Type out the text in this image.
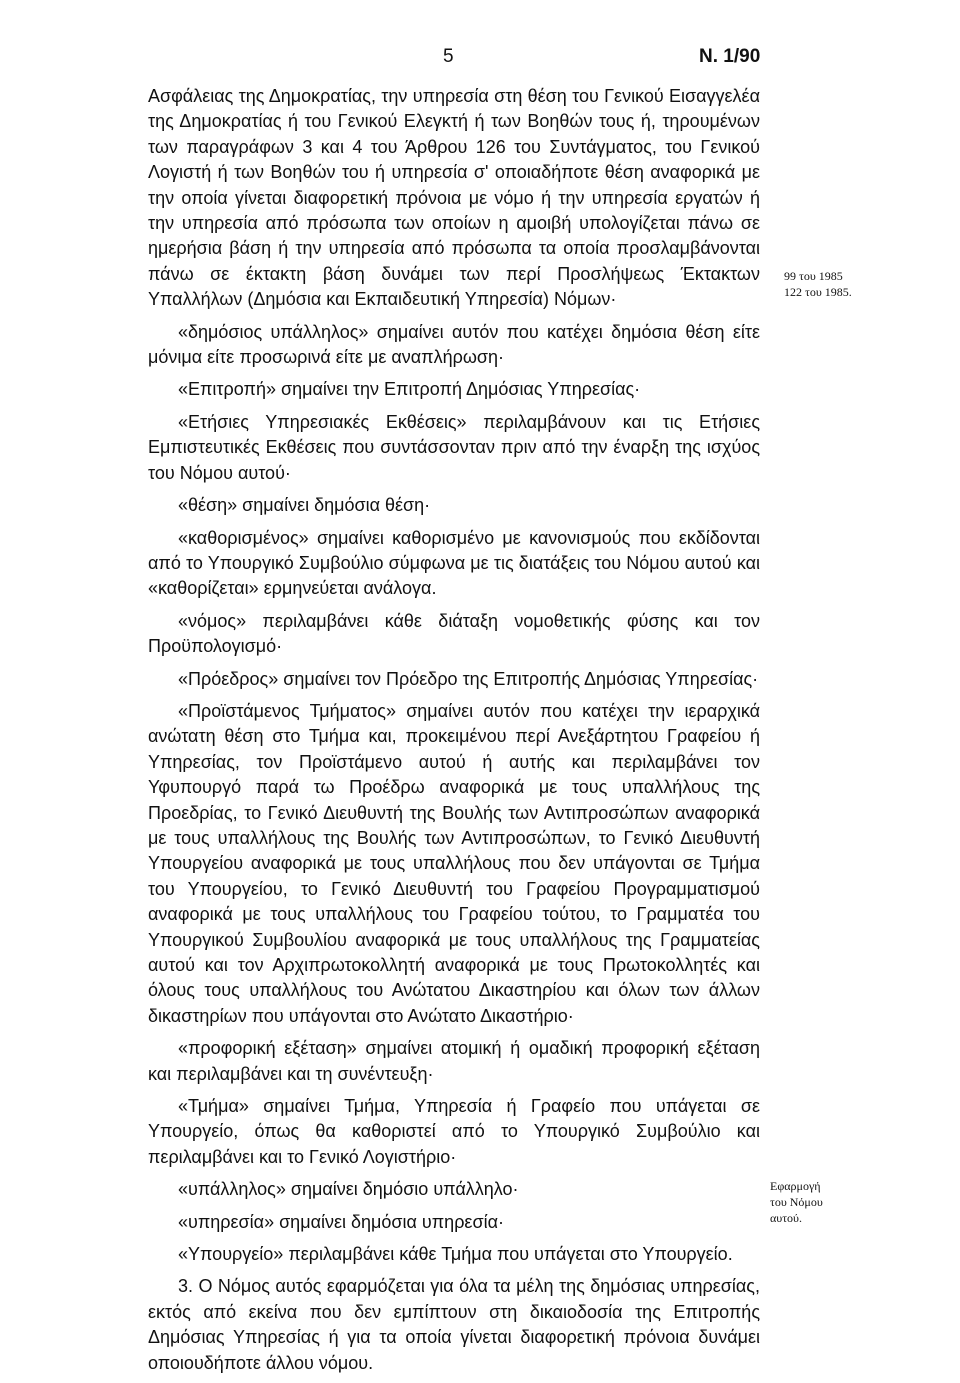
5	Ν. 1/90

Ασφάλειας της Δημοκρατίας, την υπηρεσία στη θέση του Γενικού Εισαγγελέα της Δημοκρατίας ή του Γενικού Ελεγκτή ή των Βοηθών τους ή, τηρουμένων των παραγράφων 3 και 4 του Άρθρου 126 του Συντάγματος, του Γενικού Λογιστή ή των Βοηθών του ή υπηρεσία σ' οποιαδήποτε θέση αναφορικά με την οποία γίνεται διαφορετική πρόνοια με νόμο ή την υπηρεσία εργατών ή την υπηρεσία από πρόσωπα των οποίων η αμοιβή υπολογίζεται πάνω σε ημερήσια βάση ή την υπηρεσία από πρόσωπα τα οποία προσλαμβάνονται πάνω σε έκτακτη βάση δυνάμει των περί Προσλήψεως Έκτακτων Υπαλλήλων (Δημόσια και Εκπαιδευτική Υπηρεσία) Νόμων·

«δημόσιος υπάλληλος» σημαίνει αυτόν που κατέχει δημόσια θέση είτε μόνιμα είτε προσωρινά είτε με αναπλήρωση·

«Επιτροπή» σημαίνει την Επιτροπή Δημόσιας Υπηρεσίας·

«Ετήσιες Υπηρεσιακές Εκθέσεις» περιλαμβάνουν και τις Ετήσιες Εμπιστευτικές Εκθέσεις που συντάσσονταν πριν από την έναρξη της ισχύος του Νόμου αυτού·

«θέση» σημαίνει δημόσια θέση·

«καθορισμένος» σημαίνει καθορισμένο με κανονισμούς που εκδίδονται από το Υπουργικό Συμβούλιο σύμφωνα με τις διατάξεις του Νόμου αυτού και «καθορίζεται» ερμηνεύεται ανάλογα.

«νόμος» περιλαμβάνει κάθε διάταξη νομοθετικής φύσης και τον Προϋπολογισμό·

«Πρόεδρος» σημαίνει τον Πρόεδρο της Επιτροπής Δημόσιας Υπηρεσίας·

«Προϊστάμενος Τμήματος» σημαίνει αυτόν που κατέχει την ιεραρχικά ανώτατη θέση στο Τμήμα και, προκειμένου περί Ανεξάρτητου Γραφείου ή Υπηρεσίας, τον Προϊστάμενο αυτού ή αυτής και περιλαμβάνει τον Υφυπουργό παρά τω Προέδρω αναφορικά με τους υπαλλήλους της Προεδρίας, το Γενικό Διευθυντή της Βουλής των Αντιπροσώπων αναφορικά με τους υπαλλήλους της Βουλής των Αντιπροσώπων, το Γενικό Διευθυντή Υπουργείου αναφορικά με τους υπαλλήλους που δεν υπάγονται σε Τμήμα του Υπουργείου, το Γενικό Διευθυντή του Γραφείου Προγραμματισμού αναφορικά με τους υπαλλήλους του Γραφείου τούτου, το Γραμματέα του Υπουργικού Συμβουλίου αναφορικά με τους υπαλλήλους της Γραμματείας αυτού και τον Αρχιπρωτοκολλητή αναφορικά με τους Πρωτοκολλητές και όλους τους υπαλλήλους του Ανώτατου Δικαστηρίου και όλων των άλλων δικαστηρίων που υπάγονται στο Ανώτατο Δικαστήριο·

«προφορική εξέταση» σημαίνει ατομική ή ομαδική προφορική εξέταση και περιλαμβάνει και τη συνέντευξη·

«Τμήμα» σημαίνει Τμήμα, Υπηρεσία ή Γραφείο που υπάγεται σε Υπουργείο, όπως θα καθοριστεί από το Υπουργικό Συμβούλιο και περιλαμβάνει και το Γενικό Λογιστήριο·

«υπάλληλος» σημαίνει δημόσιο υπάλληλο·

«υπηρεσία» σημαίνει δημόσια υπηρεσία·

«Υπουργείο» περιλαμβάνει κάθε Τμήμα που υπάγεται στο Υπουργείο.

3. Ο Νόμος αυτός εφαρμόζεται για όλα τα μέλη της δημόσιας υπηρεσίας, εκτός από εκείνα που δεν εμπίπτουν στη δικαιοδοσία της Επιτροπής Δημόσιας Υπηρεσίας ή για τα οποία γίνεται διαφορετική πρόνοια δυνάμει οποιουδήποτε άλλου νόμου.

99 του 1985
122 του 1985.
Εφαρμογή
του Νόμου
αυτού.
